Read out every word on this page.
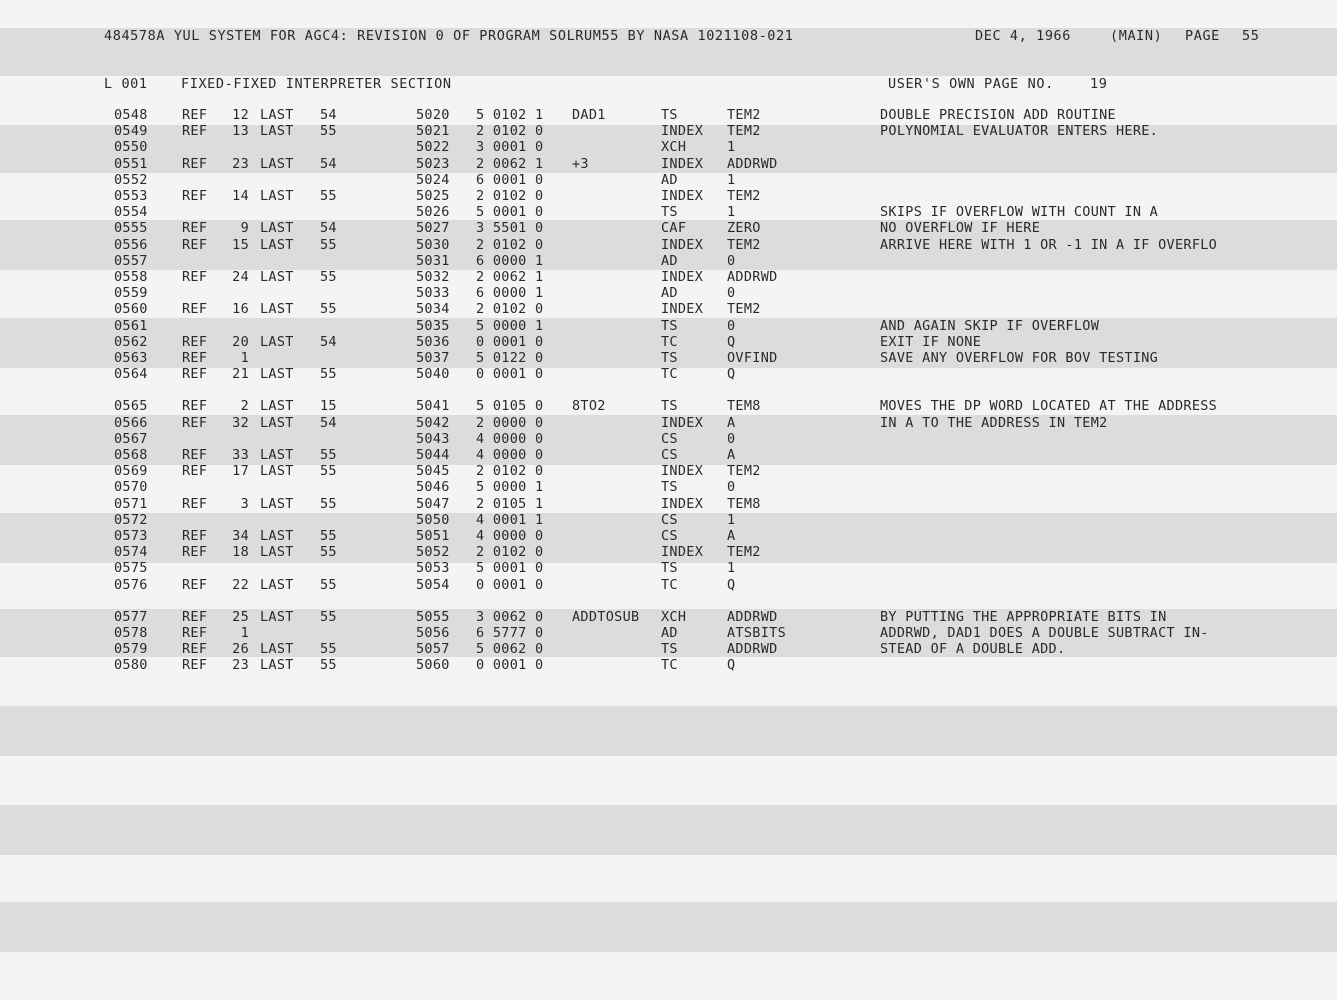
484578A YUL SYSTEM FOR AGC4: REVISION 0 OF PROGRAM SOLRUM55 BY NASA 1021108-021	DEC 4, 1966	(MAIN) PAGE 55
L 001 FIXED-FIXED INTERPRETER SECTION	USER'S OWN PAGE NO.	19
0548	REF	12 LAST 54	5020 5 0102 1 DAD1	TS	TEM2	DOUBLE PRECISION ADD ROUTINE
0549	REF	13 LAST 55	5021 2 0102 0	INDEX TEM2	POLYNOMIAL EVALUATOR ENTERS HERE.
0550	5022 3 0001 0	XCH	1
0551	REF	23 LAST 54	5023 2 0062 1 +3	INDEX ADDRWD
0552	5024 6 0001 0	AD	1
0553	REF	14 LAST 55	5025 2 0102 0	INDEX TEM2
0554	5026 5 0001 0	TS	1	SKIPS IF OVERFLOW WITH COUNT IN A
0555	REF	9 LAST 54	5027 3 5501 0	CAF	ZERO	NO OVERFLOW IF HERE
0556	REF	15 LAST 55	5030 2 0102 0	INDEX TEM2	ARRIVE HERE WITH 1 OR -1 IN A IF OVERFLO
0557	5031 6 0000 1	AD	0
0558	REF	24 LAST 55	5032 2 0062 1	INDEX ADDRWD
0559	5033 6 0000 1	AD	0
0560	REF	16 LAST 55	5034 2 0102 0	INDEX TEM2
0561	5035 5 0000 1	TS	0	AND AGAIN SKIP IF OVERFLOW
0562	REF	20 LAST 54	5036 0 0001 0	TC	Q	EXIT IF NONE
0563	REF	1	5037 5 0122 0	TS	OVFIND	SAVE ANY OVERFLOW FOR BOV TESTING
0564	REF	21 LAST 55	5040 0 0001 0	TC	Q
0565	REF	2 LAST 15	5041 5 0105 0 8TO2	TS	TEM8	MOVES THE DP WORD LOCATED AT THE ADDRESS
0566	REF	32 LAST 54	5042 2 0000 0	INDEX A	IN A TO THE ADDRESS IN TEM2
0567	5043 4 0000 0	CS	0
0568	REF	33 LAST 55	5044 4 0000 0	CS	A
0569	REF	17 LAST 55	5045 2 0102 0	INDEX TEM2
0570	5046 5 0000 1	TS	0
0571	REF	3 LAST 55	5047 2 0105 1	INDEX TEM8
0572	5050 4 0001 1	CS	1
0573	REF	34 LAST 55	5051 4 0000 0	CS	A
0574	REF	18 LAST 55	5052 2 0102 0	INDEX TEM2
0575	5053 5 0001 0	TS	1
0576	REF	22 LAST 55	5054 0 0001 0	TC	Q
0577	REF	25 LAST 55	5055 3 0062 0 ADDTOSUB XCH	ADDRWD	BY PUTTING THE APPROPRIATE BITS IN
0578	REF	1	5056 6 5777 0	AD	ATSBITS	ADDRWD, DAD1 DOES A DOUBLE SUBTRACT IN-
0579	REF	26 LAST 55	5057 5 0062 0	TS	ADDRWD	STEAD OF A DOUBLE ADD.
0580	REF	23 LAST 55	5060 0 0001 0	TC	Q
